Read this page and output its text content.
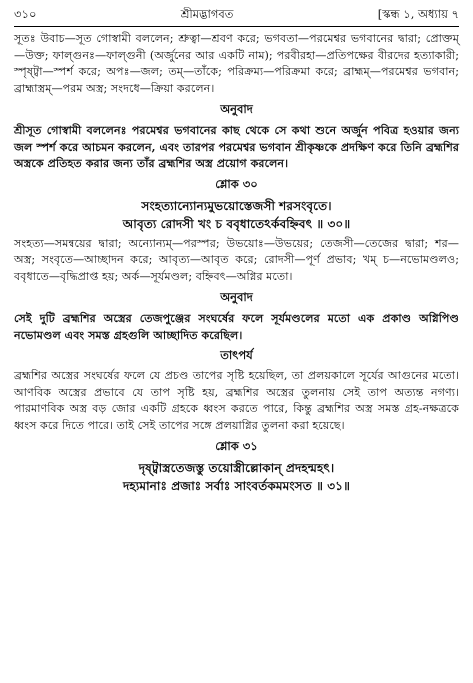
৩১০	শ্রীমদ্ভাগবত	[স্কন্ধ ১, অধ্যায় ৭

সূতঃ উবাচ—সূত গোস্বামী বললেন; শ্রুত্বা—শ্রবণ করে; ভগবতা—পরমেশ্বর ভগবানের দ্বারা; প্রোক্তম্—উক্ত; ফাল্গুনঃ—ফাল্গুনী (অর্জুনের আর একটি নাম); পরবীরহা—প্রতিপক্ষের বীরদের হত্যাকারী; স্পৃষ্ট্বা—স্পর্শ করে; অপঃ—জল; তম্—তাঁকে; পরিক্রম্য—পরিক্রমা করে; ব্রাহ্মম্—পরমেশ্বর ভগবান; ব্রাহ্মাস্ত্রম্—পরম অস্ত্র; সংদধে—ক্রিয়া করলেন।

অনুবাদ

শ্রীসূত গোস্বামী বললেনঃ পরমেশ্বর ভগবানের কাছ থেকে সে কথা শুনে অর্জুন পবিত্র হওয়ার জন্য জল স্পর্শ করে আচমন করলেন, এবং তারপর পরমেশ্বর ভগবান শ্রীকৃষ্ণকে প্রদক্ষিণ করে তিনি ব্রহ্মশির অস্ত্রকে প্রতিহত করার জন্য তাঁর ব্রহ্মশির অস্ত্র প্রয়োগ করলেন।

শ্লোক ৩০
সংহত্যান্যোন্যমুভয়োস্তেজসী শরসংবৃতে।
আবৃত্য রোদসী খং চ ববৃধাতেঽর্কবহ্নিবৎ ॥ ৩০॥

সংহত্য—সমন্বয়ের দ্বারা; অন্যোন্যম্—পরস্পর; উভয়োঃ—উভয়ের; তেজসী—তেজের দ্বারা; শর—অস্ত্র; সংবৃতে—আচ্ছাদন করে; আবৃত্য—আবৃত করে; রোদসী—পূর্ণ প্রভাব; খম্ চ—নভোমণ্ডলও; ববৃধাতে—বৃদ্ধিপ্রাপ্ত হয়; অর্ক—সূর্যমণ্ডল; বহ্নিবৎ—অগ্নির মতো।

অনুবাদ

সেই দুটি ব্রহ্মশির অস্ত্রের তেজপুঞ্জের সংঘর্ষের ফলে সূর্যমণ্ডলের মতো এক প্রকাণ্ড অগ্নিপিণ্ড নভোমণ্ডল এবং সমস্ত গ্রহগুলি আচ্ছাদিত করেছিল।

তাৎপর্য

ব্রহ্মশির অস্ত্রের সংঘর্ষের ফলে যে প্রচণ্ড তাপের সৃষ্টি হয়েছিল, তা প্রলয়কালে সূর্যের আগুনের মতো। আণবিক অস্ত্রের প্রভাবে যে তাপ সৃষ্টি হয়, ব্রহ্মশির অস্ত্রের তুলনায় সেই তাপ অত্যন্ত নগণ্য। পারমাণবিক অস্ত্র বড় জোর একটি গ্রহকে ধ্বংস করতে পারে, কিন্তু ব্রহ্মশির অস্ত্র সমস্ত গ্রহ-নক্ষত্রকে ধ্বংস করে দিতে পারে। তাই সেই তাপের সঙ্গে প্রলয়াগ্নির তুলনা করা হয়েছে।

শ্লোক ৩১
দৃষ্ট্বাস্ত্রতেজস্তু তয়োস্ত্রীল্লোকান্ প্রদহন্মহৎ।
দহ্যমানাঃ প্রজাঃ সর্বাঃ সাংবর্তকমমংসত ॥ ৩১॥
